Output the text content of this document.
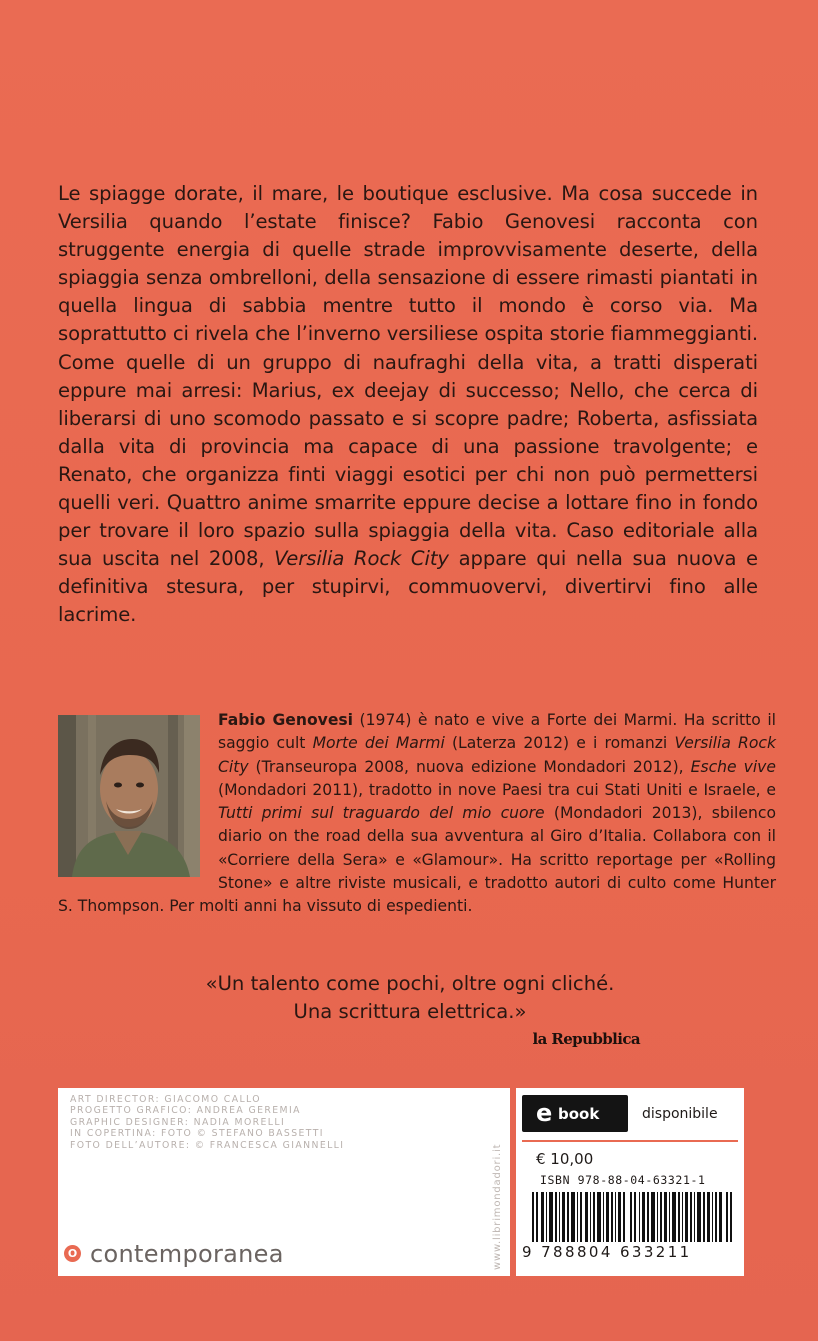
Le spiagge dorate, il mare, le boutique esclusive. Ma cosa succede in Versilia quando l’estate finisce? Fabio Genovesi racconta con struggente energia di quelle strade improvvisamente deserte, della spiaggia senza ombrelloni, della sensazione di essere rimasti piantati in quella lingua di sabbia mentre tutto il mondo è corso via. Ma soprattutto ci rivela che l’inverno versiliese ospita storie fiammeggianti. Come quelle di un gruppo di naufraghi della vita, a tratti disperati eppure mai arresi: Marius, ex deejay di successo; Nello, che cerca di liberarsi di uno scomodo passato e si scopre padre; Roberta, asfissiata dalla vita di provincia ma capace di una passione travolgente; e Renato, che organizza finti viaggi esotici per chi non può permettersi quelli veri. Quattro anime smarrite eppure decise a lottare fino in fondo per trovare il loro spazio sulla spiaggia della vita. Caso editoriale alla sua uscita nel 2008, Versilia Rock City appare qui nella sua nuova e definitiva stesura, per stupirvi, commuovervi, divertirvi fino alle lacrime.

Fabio Genovesi (1974) è nato e vive a Forte dei Marmi. Ha scritto il saggio cult Morte dei Marmi (Laterza 2012) e i romanzi Versilia Rock City (Transeuropa 2008, nuova edizione Mondadori 2012), Esche vive (Mondadori 2011), tradotto in nove Paesi tra cui Stati Uniti e Israele, e Tutti primi sul traguardo del mio cuore (Mondadori 2013), sbilenco diario on the road della sua avventura al Giro d’Italia. Collabora con il «Corriere della Sera» e «Glamour». Ha scritto reportage per «Rolling Stone» e altre riviste musicali, e tradotto autori di culto come Hunter S. Thompson. Per molti anni ha vissuto di espedienti.
«Un talento come pochi, oltre ogni cliché.
Una scrittura elettrica.»
la Repubblica
ART DIRECTOR: GIACOMO CALLO
PROGETTO GRAFICO: ANDREA GEREMIA
GRAPHIC DESIGNER: NADIA MORELLI
IN COPERTINA: FOTO © STEFANO BASSETTI
FOTO DELL’AUTORE: © FRANCESCA GIANNELLI	www.librimondadori.it
O contemporanea
e book	disponibile
€ 10,00
ISBN 978-88-04-63321-1
9 788804 633211
